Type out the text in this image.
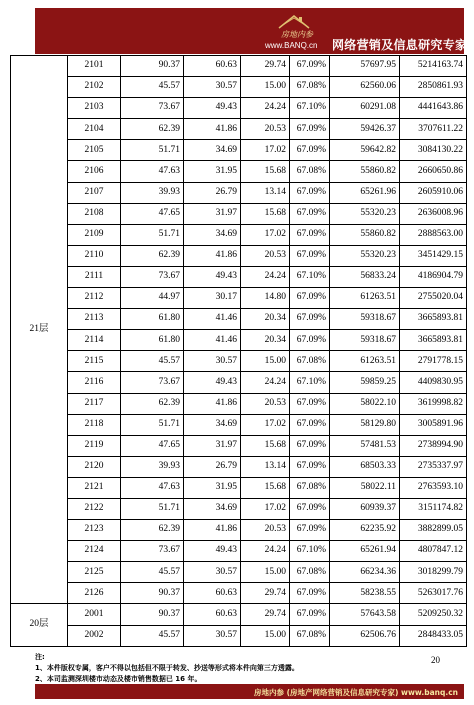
房地内参
www.BANQ.cn 网络营销及信息研究专家
21层	2101	90.37	60.63	29.74	67.09%	57697.95	5214163.74
	2102	45.57	30.57	15.00	67.08%	62560.06	2850861.93
	2103	73.67	49.43	24.24	67.10%	60291.08	4441643.86
	2104	62.39	41.86	20.53	67.09%	59426.37	3707611.22
	2105	51.71	34.69	17.02	67.09%	59642.82	3084130.22
	2106	47.63	31.95	15.68	67.08%	55860.82	2660650.86
	2107	39.93	26.79	13.14	67.09%	65261.96	2605910.06
	2108	47.65	31.97	15.68	67.09%	55320.23	2636008.96
	2109	51.71	34.69	17.02	67.09%	55860.82	2888563.00
	2110	62.39	41.86	20.53	67.09%	55320.23	3451429.15
	2111	73.67	49.43	24.24	67.10%	56833.24	4186904.79
	2112	44.97	30.17	14.80	67.09%	61263.51	2755020.04
	2113	61.80	41.46	20.34	67.09%	59318.67	3665893.81
	2114	61.80	41.46	20.34	67.09%	59318.67	3665893.81
	2115	45.57	30.57	15.00	67.08%	61263.51	2791778.15
	2116	73.67	49.43	24.24	67.10%	59859.25	4409830.95
	2117	62.39	41.86	20.53	67.09%	58022.10	3619998.82
	2118	51.71	34.69	17.02	67.09%	58129.80	3005891.96
	2119	47.65	31.97	15.68	67.09%	57481.53	2738994.90
	2120	39.93	26.79	13.14	67.09%	68503.33	2735337.97
	2121	47.63	31.95	15.68	67.08%	58022.11	2763593.10
	2122	51.71	34.69	17.02	67.09%	60939.37	3151174.82
	2123	62.39	41.86	20.53	67.09%	62235.92	3882899.05
	2124	73.67	49.43	24.24	67.10%	65261.94	4807847.12
	2125	45.57	30.57	15.00	67.08%	66234.36	3018299.79
	2126	90.37	60.63	29.74	67.09%	58238.55	5263017.76
20层	2001	90.37	60.63	29.74	67.09%	57643.58	5209250.32
	2002	45.57	30.57	15.00	67.08%	62506.76	2848433.05
注:
1、本件版权专属，客户不得以包括但不限于转发、抄送等形式将本件向第三方透露。
2、本司监测深圳楼市动态及楼市销售数据已 16 年。
20
房地内参 (房地产网络营销及信息研究专家) www.banq.cn
